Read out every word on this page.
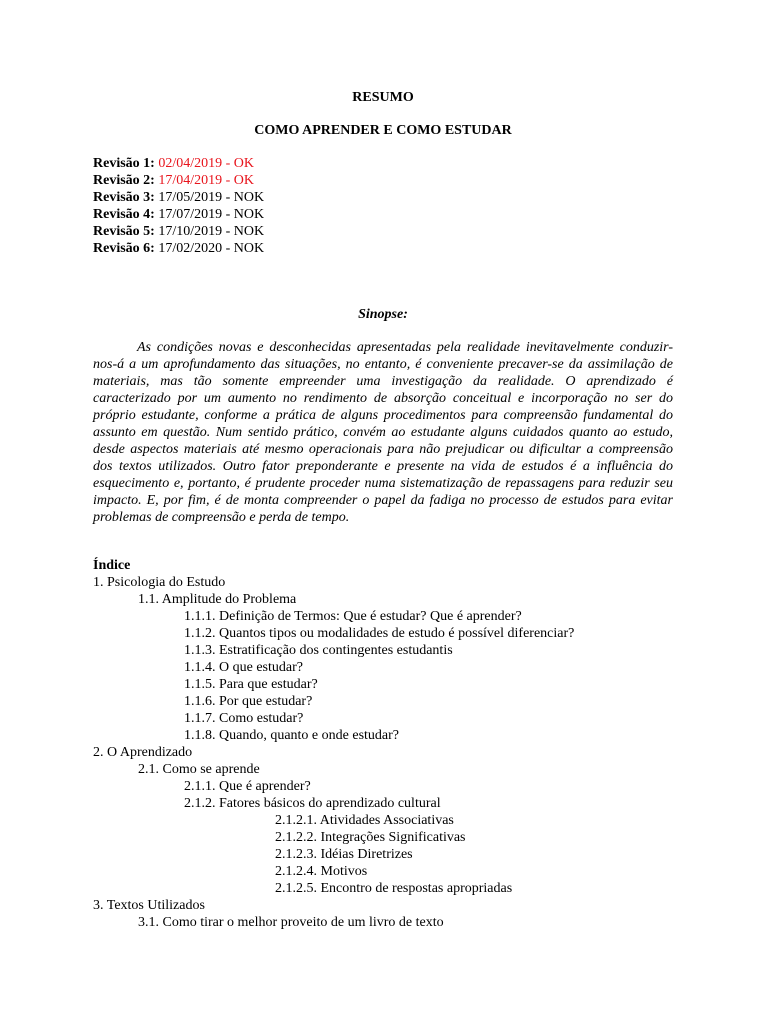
RESUMO
COMO APRENDER E COMO ESTUDAR
Revisão 1: 02/04/2019 - OK
Revisão 2: 17/04/2019 - OK
Revisão 3: 17/05/2019 - NOK
Revisão 4: 17/07/2019 - NOK
Revisão 5: 17/10/2019 - NOK
Revisão 6: 17/02/2020 - NOK
Sinopse:

As condições novas e desconhecidas apresentadas pela realidade inevitavelmente conduzir-nos-á a um aprofundamento das situações, no entanto, é conveniente precaver-se da assimilação de materiais, mas tão somente empreender uma investigação da realidade. O aprendizado é caracterizado por um aumento no rendimento de absorção conceitual e incorporação no ser do próprio estudante, conforme a prática de alguns procedimentos para compreensão fundamental do assunto em questão. Num sentido prático, convém ao estudante alguns cuidados quanto ao estudo, desde aspectos materiais até mesmo operacionais para não prejudicar ou dificultar a compreensão dos textos utilizados. Outro fator preponderante e presente na vida de estudos é a influência do esquecimento e, portanto, é prudente proceder numa sistematização de repassagens para reduzir seu impacto. E, por fim, é de monta compreender o papel da fadiga no processo de estudos para evitar problemas de compreensão e perda de tempo.

Índice
1. Psicologia do Estudo
1.1. Amplitude do Problema
1.1.1. Definição de Termos: Que é estudar? Que é aprender?
1.1.2. Quantos tipos ou modalidades de estudo é possível diferenciar?
1.1.3. Estratificação dos contingentes estudantis
1.1.4. O que estudar?
1.1.5. Para que estudar?
1.1.6. Por que estudar?
1.1.7. Como estudar?
1.1.8. Quando, quanto e onde estudar?
2. O Aprendizado
2.1. Como se aprende
2.1.1. Que é aprender?
2.1.2. Fatores básicos do aprendizado cultural
2.1.2.1. Atividades Associativas
2.1.2.2. Integrações Significativas
2.1.2.3. Idéias Diretrizes
2.1.2.4. Motivos
2.1.2.5. Encontro de respostas apropriadas
3. Textos Utilizados
3.1. Como tirar o melhor proveito de um livro de texto
